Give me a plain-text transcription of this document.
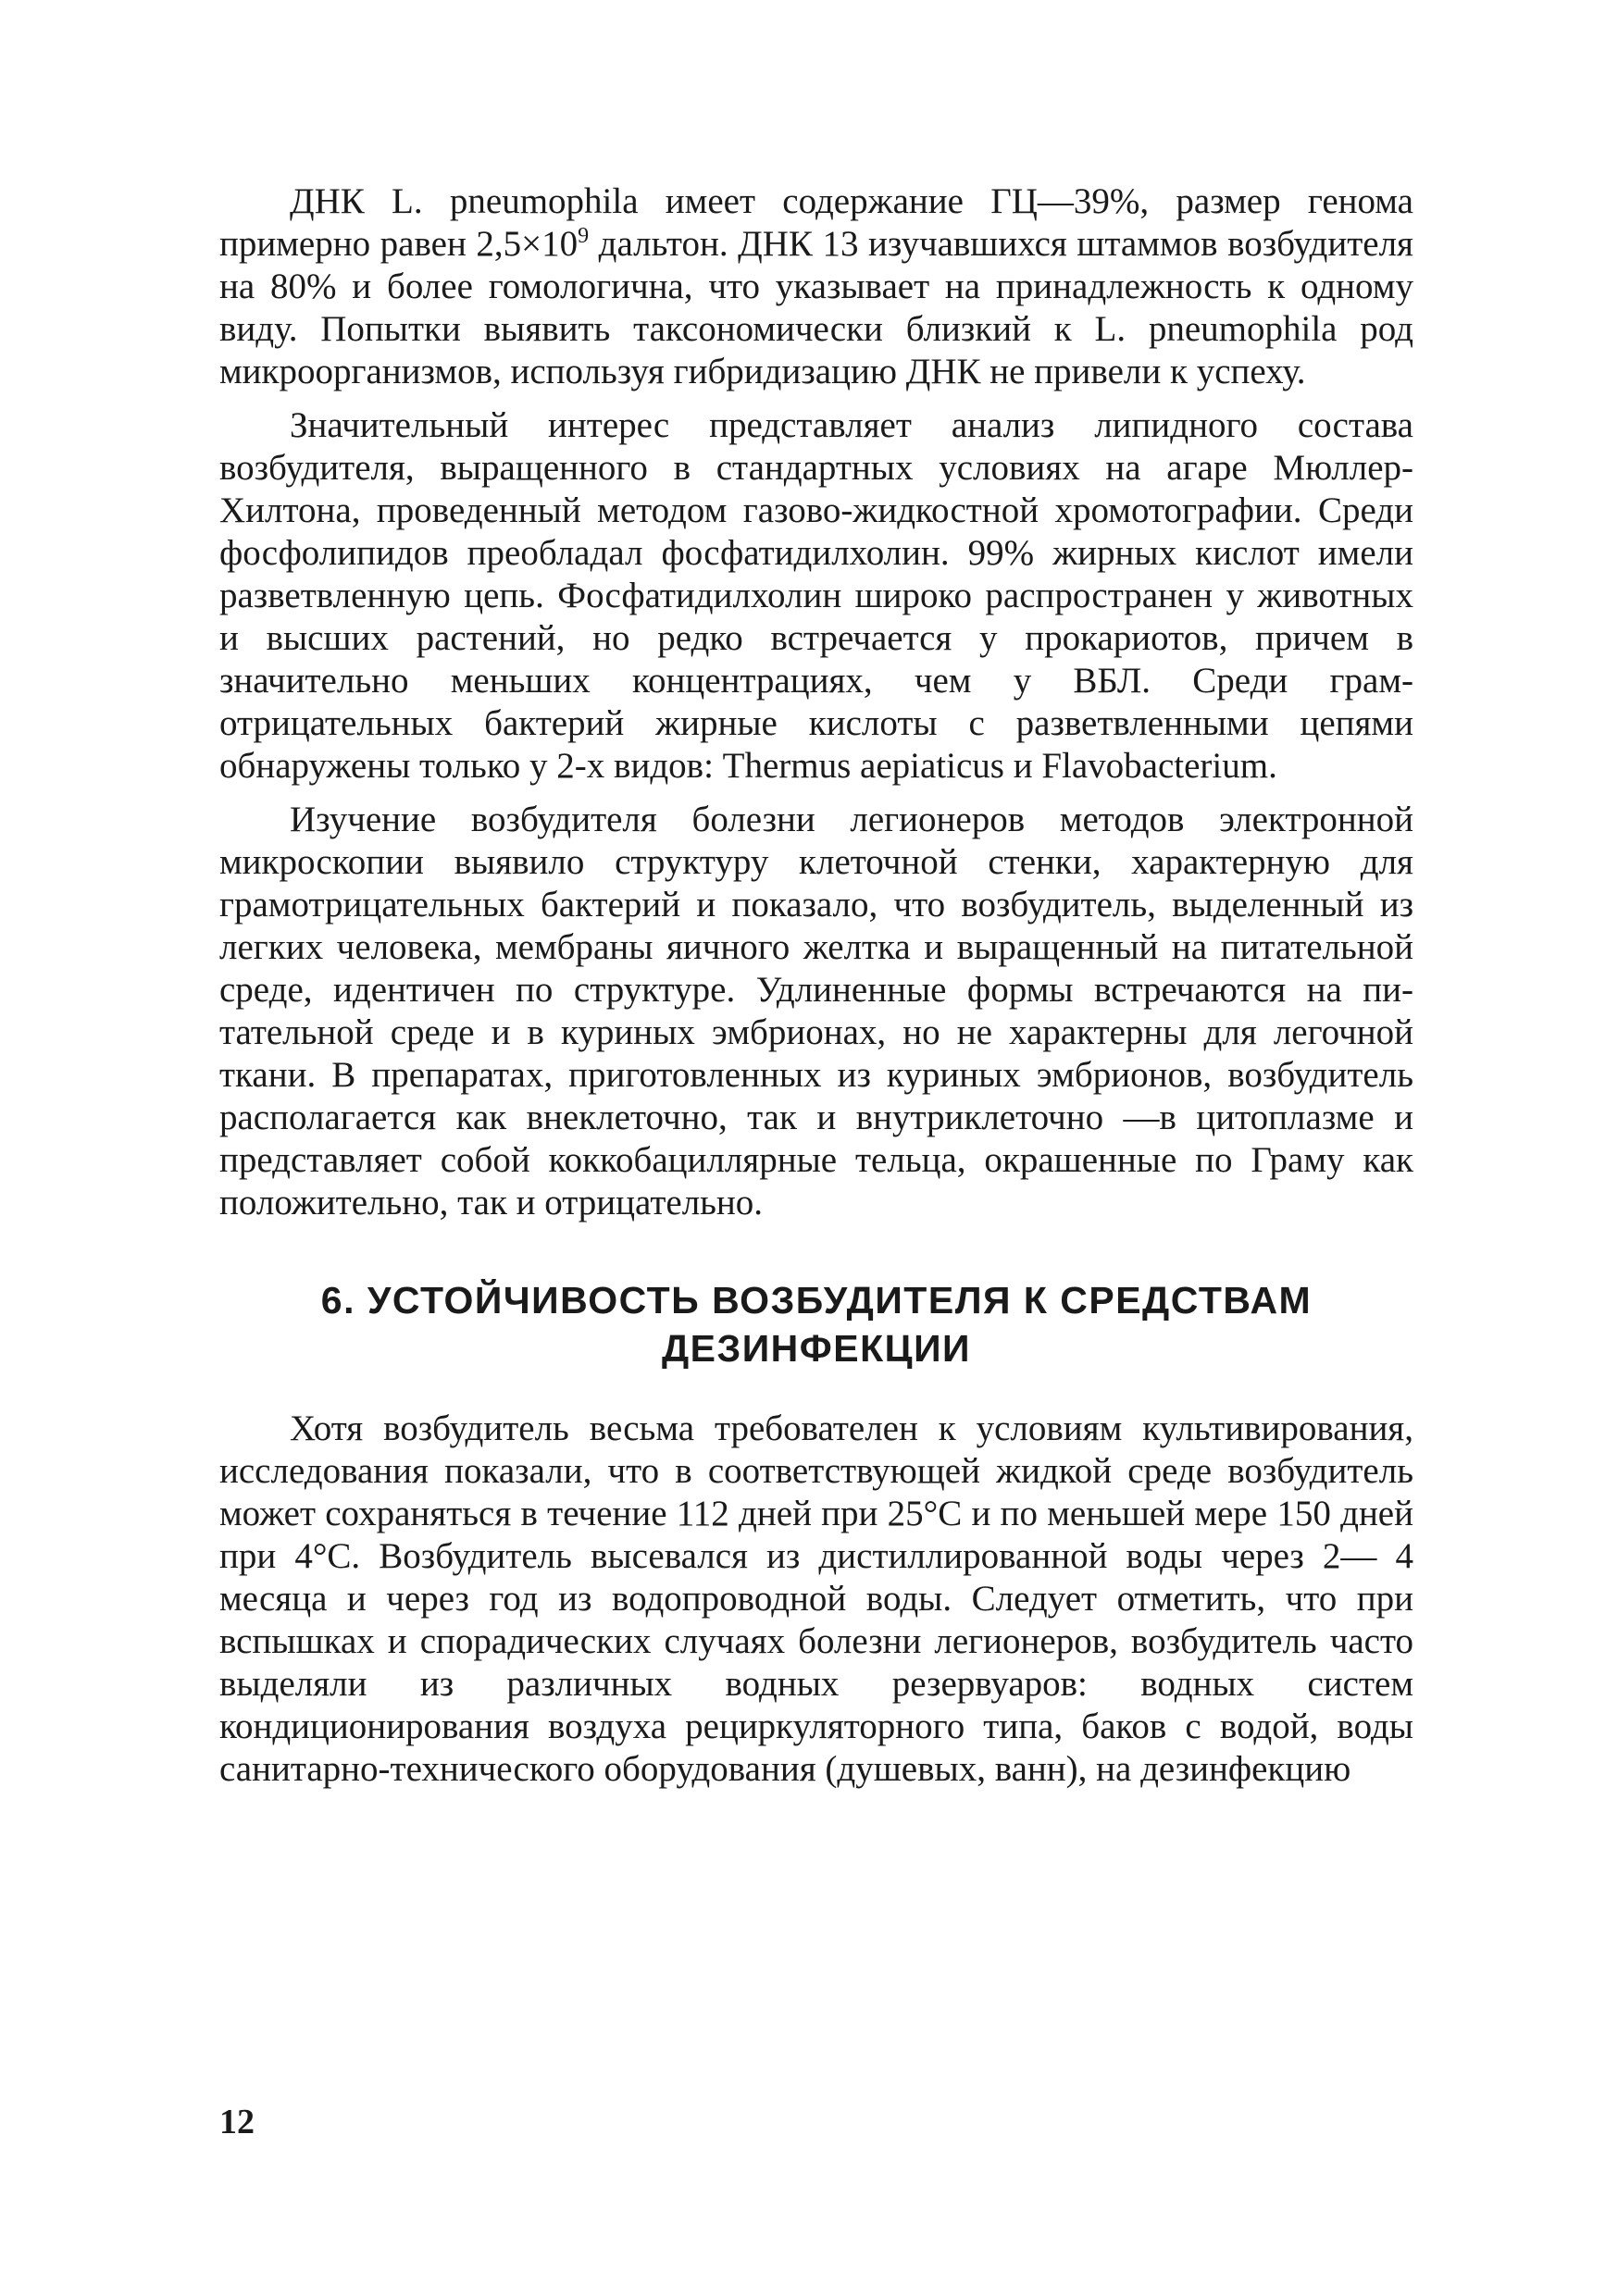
ДНК L. pneumophila имеет содержание ГЦ—39%, размер генома примерно равен $2,5\times 10^9$ дальтон. ДНК 13 изучавшихся штаммов возбудителя на 80% и более гомологична, что указывает на принадлежность к одному виду. Попытки выявить таксономически близкий к L. pneumophila род микроорганизмов, используя гибридизацию ДНК не привели к успеху.

Значительный интерес представляет анализ липидного состава возбудителя, выращенного в стандартных условиях на агаре Мюллер-Хилтона, проведенный методом газово-жидкостной хромотографии. Среди фосфолипидов преобладал фосфатидилхолин. 99% жирных кислот имели разветвленную цепь. Фосфатидилхолин широко распространен у животных и высших растений, но редко встречается у прокариотов, причем в значительно меньших концентрациях, чем у ВБЛ. Среди грам-отрицательных бактерий жирные кислоты с разветвленными цепями обнаружены только у 2-х видов: Thermus aepiaticus и Flavobacterium.

Изучение возбудителя болезни легионеров методов электронной микроскопии выявило структуру клеточной стенки, характерную для грамотрицательных бактерий и показало, что возбудитель, выделенный из легких человека, мембраны яичного желтка и выращенный на питательной среде, идентичен по структуре. Удлиненные формы встречаются на питательной среде и в куриных эмбрионах, но не характерны для легочной ткани. В препаратах, приготовленных из куриных эмбрионов, возбудитель располагается как внеклеточно, так и внутриклеточно —в цитоплазме и представляет собой коккобациллярные тельца, окрашенные по Граму как положительно, так и отрицательно.

6. УСТОЙЧИВОСТЬ ВОЗБУДИТЕЛЯ К СРЕДСТВАМ
ДЕЗИНФЕКЦИИ

Хотя возбудитель весьма требователен к условиям культивирования, исследования показали, что в соответствующей жидкой среде возбудитель может сохраняться в течение 112 дней при 25°С и по меньшей мере 150 дней при 4°С. Возбудитель высевался из дистиллированной воды через 2— 4 месяца и через год из водопроводной воды. Следует отметить, что при вспышках и спорадических случаях болезни легионеров, возбудитель часто выделяли из различных водных резервуаров: водных систем кондиционирования воздуха рециркуляторного типа, баков с водой, воды санитарно-технического оборудования (душевых, ванн), на дезинфекцию

12
